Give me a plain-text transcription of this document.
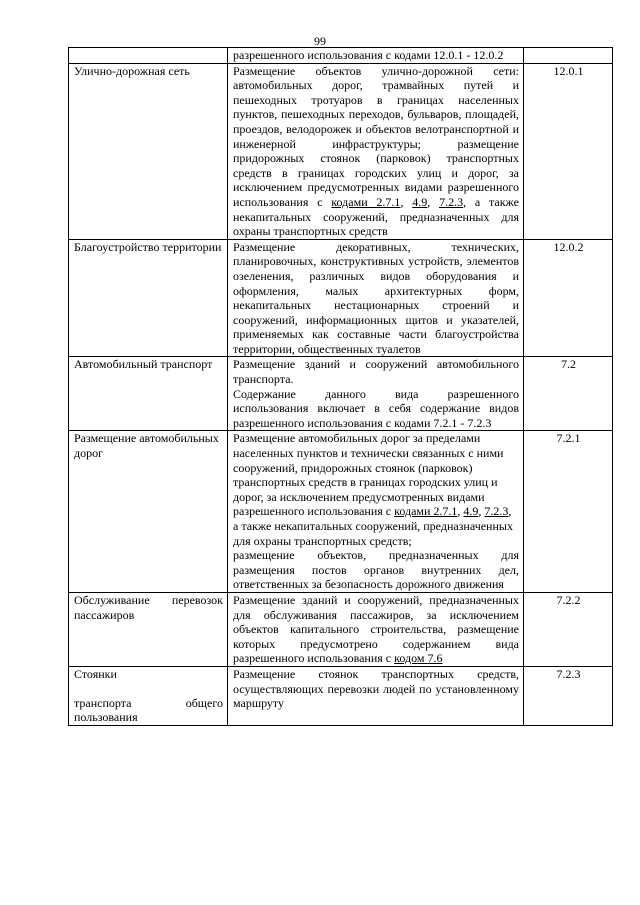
99

	разрешенного использования с кодами 12.0.1 - 12.0.2	

Улично-дорожная сеть	Размещение объектов улично-дорожной сети: автомобильных дорог, трамвайных путей и пешеходных тротуаров в границах населенных пунктов, пешеходных переходов, бульваров, площадей, проездов, велодорожек и объектов велотранспортной и инженерной инфраструктуры; размещение придорожных стоянок (парковок) транспортных средств в границах городских улиц и дорог, за исключением предусмотренных видами разрешенного использования с кодами 2.7.1, 4.9, 7.2.3, а также некапитальных сооружений, предназначенных для охраны транспортных средств	12.0.1
Благоустройство территории	Размещение декоративных, технических, планировочных, конструктивных устройств, элементов озеленения, различных видов оборудования и оформления, малых архитектурных форм, некапитальных нестационарных строений и сооружений, информационных щитов и указателей, применяемых как составные части благоустройства территории, общественных туалетов	12.0.2
Автомобильный транспорт	Размещение зданий и сооружений автомобильного транспорта.
Содержание данного вида разрешенного использования включает в себя содержание видов разрешенного использования с кодами 7.2.1 - 7.2.3	7.2
Размещение автомобильных дорог	Размещение автомобильных дорог за пределами населенных пунктов и технически связанных с ними сооружений, придорожных стоянок (парковок) транспортных средств в границах городских улиц и дорог, за исключением предусмотренных видами разрешенного использования с кодами 2.7.1, 4.9, 7.2.3, а также некапитальных сооружений, предназначенных для охраны транспортных средств;
размещение объектов, предназначенных для размещения постов органов внутренних дел, ответственных за безопасность дорожного движения	7.2.1
Обслуживание перевозок пассажиров	Размещение зданий и сооружений, предназначенных для обслуживания пассажиров, за исключением объектов капитального строительства, размещение которых предусмотрено содержанием вида разрешенного использования с кодом 7.6	7.2.2

Стоянки
транспорта общего пользования	Размещение стоянок транспортных средств, осуществляющих перевозки людей по установленному маршруту	7.2.3
